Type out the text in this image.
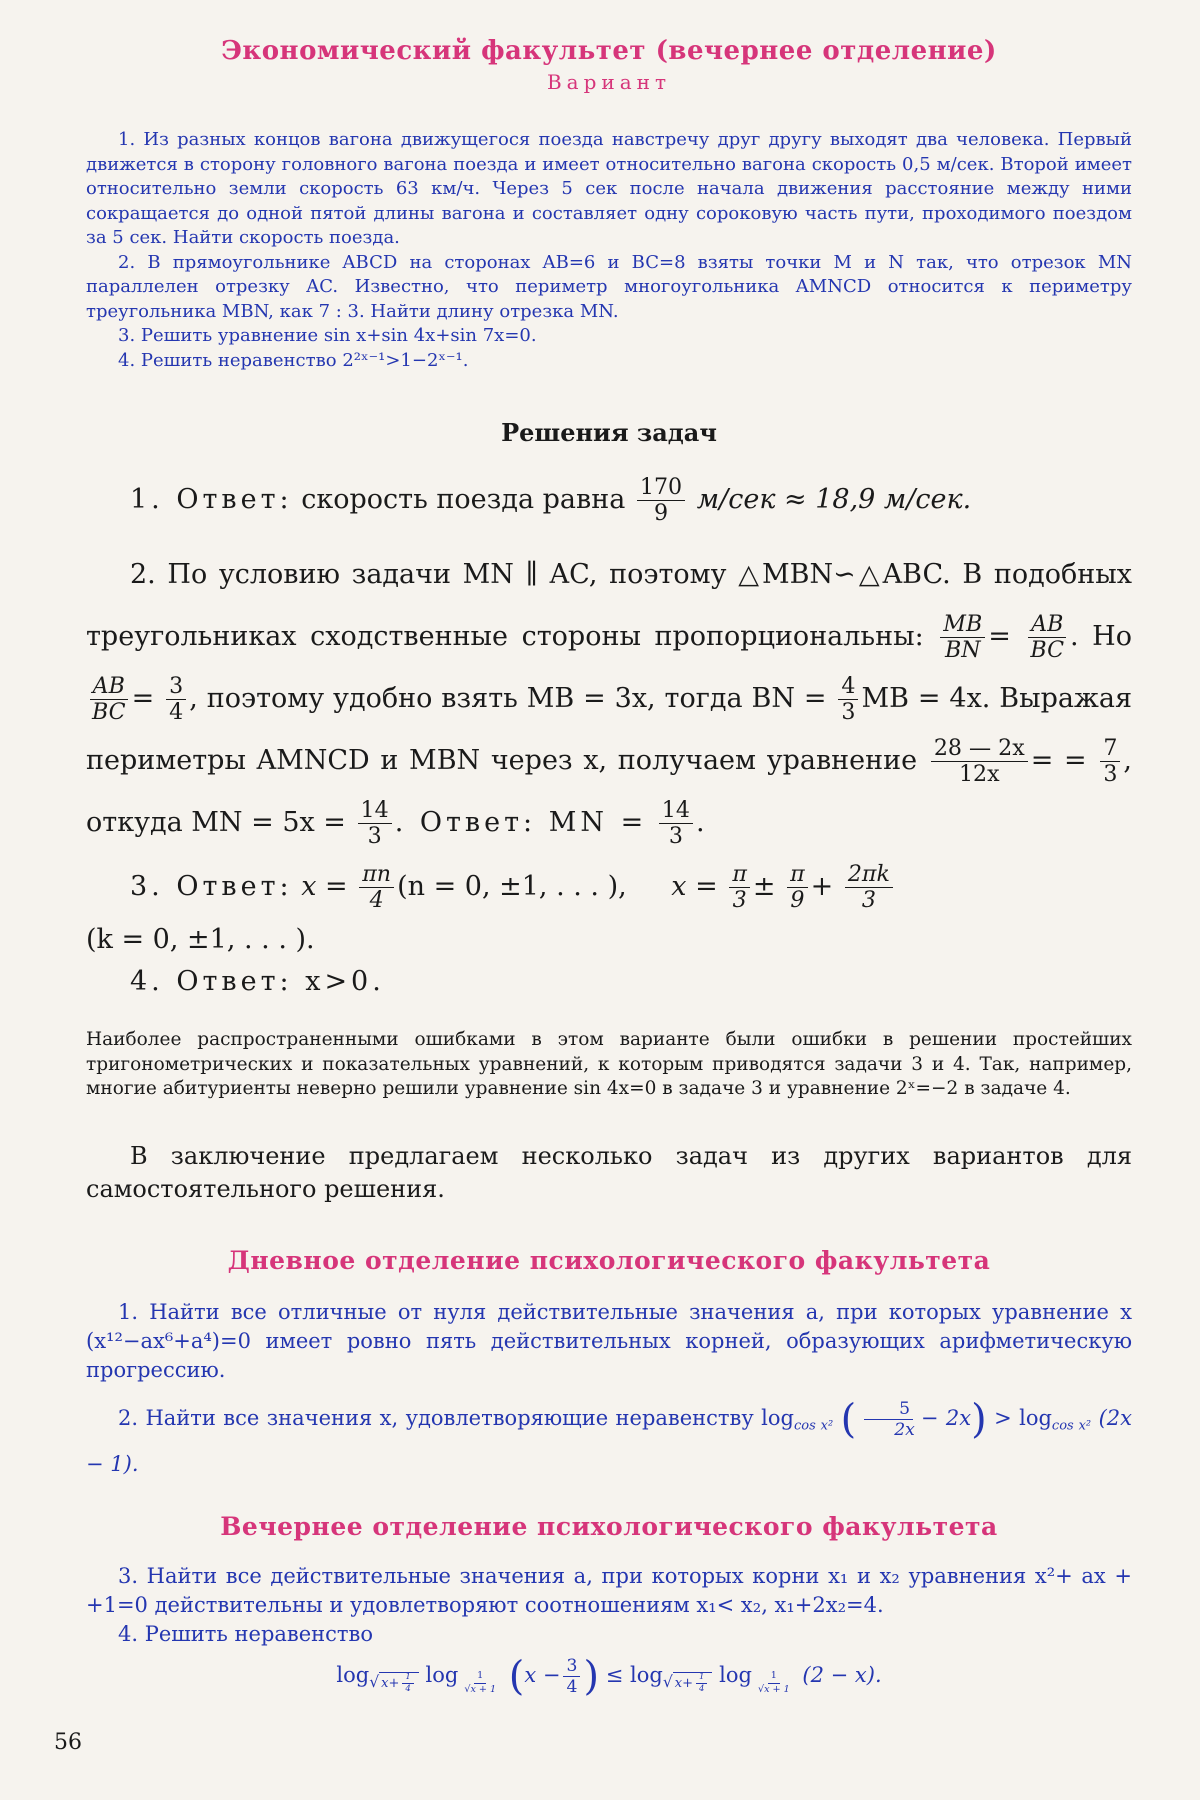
Экономический факультет (вечернее отделение)
Вариант
1. Из разных концов вагона движущегося поезда навстречу друг другу выходят два человека. Первый движется в сторону головного вагона поезда и имеет относительно вагона скорость 0,5 м/сек. Второй имеет относительно земли скорость 63 км/ч. Через 5 сек после начала движения расстояние между ними сокращается до одной пятой длины вагона и составляет одну сороковую часть пути, проходимого поездом за 5 сек. Найти скорость поезда.
2. В прямоугольнике ABCD на сторонах AB=6 и BC=8 взяты точки M и N так, что отрезок MN параллелен отрезку AC. Известно, что периметр многоугольника AMNCD относится к периметру треугольника MBN, как 7 : 3. Найти длину отрезка MN.
3. Решить уравнение sin x+sin 4x+sin 7x=0.
4. Решить неравенство 2²ˣ⁻¹>1−2ˣ⁻¹.
Решения задач
1. Ответ: скорость поезда равна $\frac{170}{9} м/сек \approx 18,9$ м/сек.
2. По условию задачи MN ∥ AC, поэтому △MBN∽△ABC. В подобных треугольниках сходственные стороны пропорциональны: $\frac{MB}{BN} = \frac{AB}{BC}$ . Но
$\frac{AB}{BC} = \frac{3}{4}$ , поэтому удобно взять MB = 3x, тогда BN = $\frac{4}{3}$ MB = 4x. Выражая периметры AMNCD и MBN через x, получаем уравнение $\frac{28 — 2x}{12x}$ = = $\frac{7}{3}$ , откуда MN = $5x = \frac{14}{3}$ . Ответ: MN = $\frac{14}{3}$ .
3. Ответ: $x = \frac{\pi n}{4} (n = 0$, ±1, . . . ), $x = \frac{\pi}{3} \pm \frac{\pi}{9} + \frac{2\pi k}{3}$
(k = 0, ±1, . . . ).
4. Ответ: x>0.
Наиболее распространенными ошибками в этом варианте были ошибки в решении простейших тригонометрических и показательных уравнений, к которым приводятся задачи 3 и 4. Так, например, многие абитуриенты неверно решили уравнение sin 4x=0 в задаче 3 и уравнение 2ˣ=−2 в задаче 4.
В заключение предлагаем несколько задач из других вариантов для самостоятельного решения.
Дневное отделение психологического факультета
1. Найти все отличные от нуля действительные значения a, при которых уравнение x (x¹²−ax⁶+a⁴)=0 имеет ровно пять действительных корней, образующих арифметическую прогрессию.
2. Найти все значения x, удовлетворяющие неравенству $\log_{cos x^2}$ ( $\frac{5}{2x} - 2x) > \log_{cos x^2} (2x - 1)$.
Вечернее отделение психологического факультета
3. Найти все действительные значения a, при которых корни x₁ и x₂ уравнения x²+ ax + +1=0 действительны и удовлетворяют соотношениям x₁< x₂, x₁+2x₂=4.
4. Решить неравенство
$\log_{√ x+ \frac{1}{4}} \log _{\frac{1}{√x + 1}}$ ($x - \frac{3}{4}$ ) ≤ $\log_{√ x+ \frac{1}{4}} \log _{\frac{1}{√x + 1}}$ (2 − x).
56
